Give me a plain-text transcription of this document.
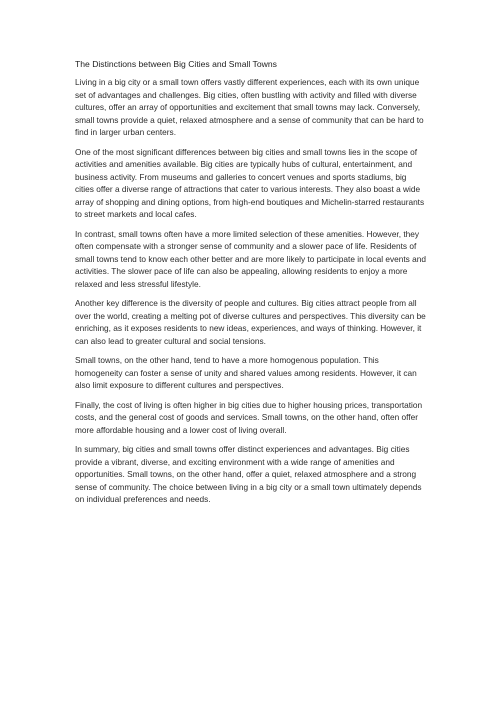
The Distinctions between Big Cities and Small Towns

Living in a big city or a small town offers vastly different experiences, each with its own unique set of advantages and challenges. Big cities, often bustling with activity and filled with diverse cultures, offer an array of opportunities and excitement that small towns may lack. Conversely, small towns provide a quiet, relaxed atmosphere and a sense of community that can be hard to find in larger urban centers.

One of the most significant differences between big cities and small towns lies in the scope of activities and amenities available. Big cities are typically hubs of cultural, entertainment, and business activity. From museums and galleries to concert venues and sports stadiums, big cities offer a diverse range of attractions that cater to various interests. They also boast a wide array of shopping and dining options, from high-end boutiques and Michelin-starred restaurants to street markets and local cafes.

In contrast, small towns often have a more limited selection of these amenities. However, they often compensate with a stronger sense of community and a slower pace of life. Residents of small towns tend to know each other better and are more likely to participate in local events and activities. The slower pace of life can also be appealing, allowing residents to enjoy a more relaxed and less stressful lifestyle.

Another key difference is the diversity of people and cultures. Big cities attract people from all over the world, creating a melting pot of diverse cultures and perspectives. This diversity can be enriching, as it exposes residents to new ideas, experiences, and ways of thinking. However, it can also lead to greater cultural and social tensions.

Small towns, on the other hand, tend to have a more homogenous population. This homogeneity can foster a sense of unity and shared values among residents. However, it can also limit exposure to different cultures and perspectives.

Finally, the cost of living is often higher in big cities due to higher housing prices, transportation costs, and the general cost of goods and services. Small towns, on the other hand, often offer more affordable housing and a lower cost of living overall.

In summary, big cities and small towns offer distinct experiences and advantages. Big cities provide a vibrant, diverse, and exciting environment with a wide range of amenities and opportunities. Small towns, on the other hand, offer a quiet, relaxed atmosphere and a strong sense of community. The choice between living in a big city or a small town ultimately depends on individual preferences and needs.
